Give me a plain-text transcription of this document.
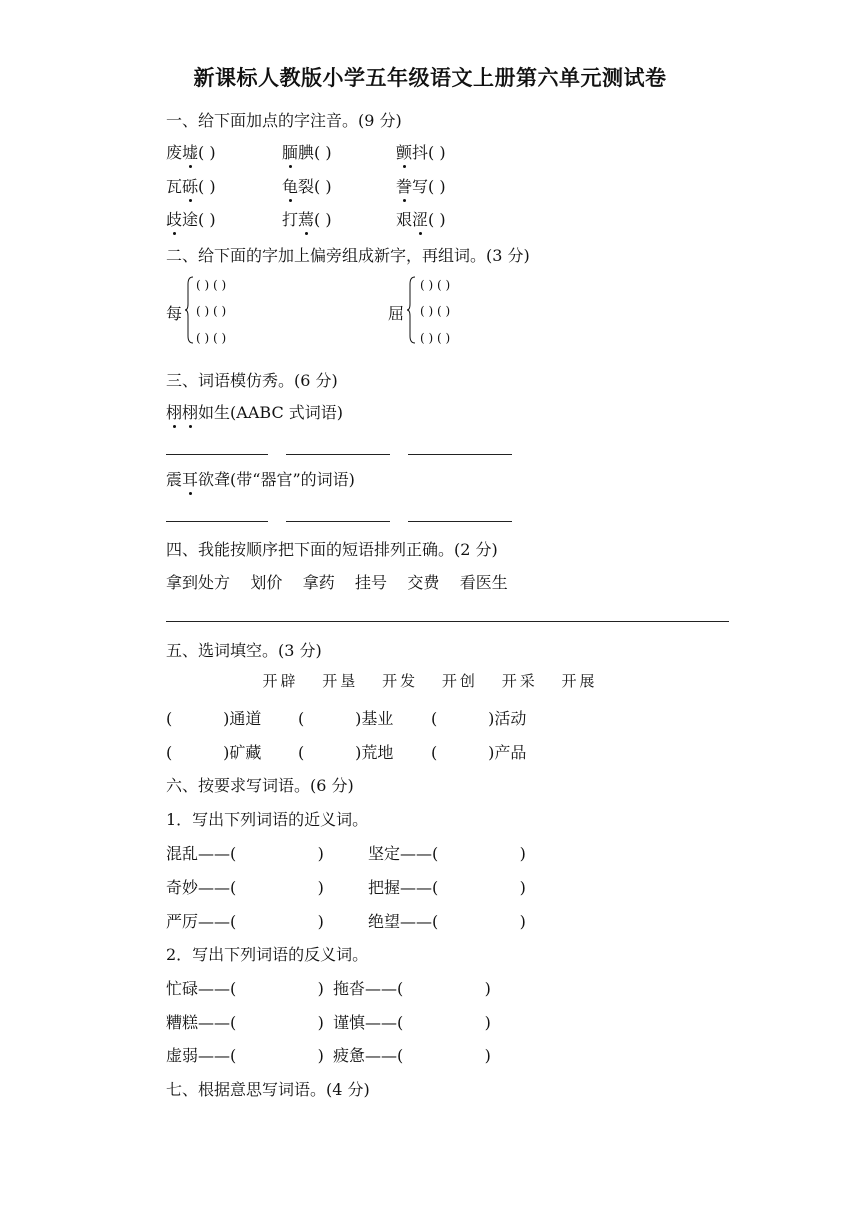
新课标人教版小学五年级语文上册第六单元测试卷
一、给下面加点的字注音。(9 分)
废墟( )	腼腆( )	颤抖( )
瓦砾( )	龟裂( )	誊写( )
歧途( )	打蔫( )	艰涩( )
二、给下面的字加上偏旁组成新字，再组词。(3 分)
每
( ) ( )
( ) ( )
( ) ( )
屈
( ) ( )
( ) ( )
( ) ( )
三、词语模仿秀。(6 分)
栩栩如生(AABC 式词语)
震耳欲聋(带“器官”的词语)
四、我能按顺序把下面的短语排列正确。(2 分)
拿到处方    划价    拿药    挂号    交费    看医生
五、选词填空。(3 分)
开辟 开垦 开发 开创 开采 开展
(          )通道 (          )基业 (          )活动
(          )矿藏 (          )荒地 (          )产品
六、按要求写词语。(6 分)
1．写出下列词语的近义词。
混乱——(                )	坚定——(                )
奇妙——(                )	把握——(                )
严厉——(                )	绝望——(                )
2．写出下列词语的反义词。
忙碌——(                ) 拖沓——(                )
糟糕——(                ) 谨慎——(                )
虚弱——(                ) 疲惫——(                )
七、根据意思写词语。(4 分)
